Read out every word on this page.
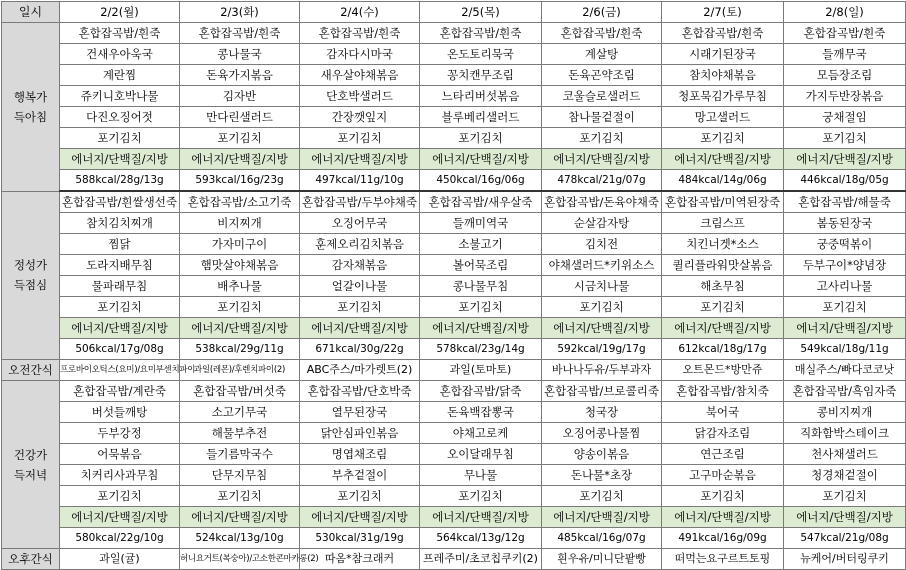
일시	2/2(월)	2/3(화)	2/4(수)	2/5(목)	2/6(금)	2/7(토)	2/8(일)
행복가득아침	혼합잡곡밥/흰죽	혼합잡곡밥/흰죽	혼합잡곡밥/흰죽	혼합잡곡밥/흰죽	혼합잡곡밥/흰죽	혼합잡곡밥/흰죽	혼합잡곡밥/흰죽
	건새우아욱국	콩나물국	감자다시마국	온도토리묵국	계살탕	시래기된장국	들깨무국
	계란찜	돈육가지볶음	새우살야채볶음	꽁치캔무조림	돈육곤약조림	참치야채볶음	모듬장조림
	쥬키니호박나물	김자반	단호박샐러드	느타리버섯볶음	코울슬로샐러드	청포묵김가루무침	가지두반장볶음
	다진오징어젓	만다린샐러드	간장깻잎지	블루베리샐러드	참나물겉절이	망고샐러드	궁채절임
	포기김치	포기김치	포기김치	포기김치	포기김치	포기김치	포기김치
	에너지/단백질/지방	에너지/단백질/지방	에너지/단백질/지방	에너지/단백질/지방	에너지/단백질/지방	에너지/단백질/지방	에너지/단백질/지방
	588kcal/28g/13g	593kcal/16g/23g	497kcal/11g/10g	450kcal/16g/06g	478kcal/21g/07g	484kcal/14g/06g	446kcal/18g/05g
정성가득점심	혼합잡곡밥/흰쌀생선죽	혼합잡곡밥/소고기죽	혼합잡곡밥/두부야채죽	혼합잡곡밥/새우살죽	혼합잡곡밥/돈육야채죽	혼합잡곡밥/미역된장죽	혼합잡곡밥/해물죽
	참치김치찌개	비지찌개	오징어무국	들깨미역국	순살감자탕	크림스프	봄동된장국
	찜닭	가자미구이	훈제오리김치볶음	소불고기	김치전	치킨너겟*소스	궁중떡볶이
	도라지배무침	햄맛살야채볶음	감자채볶음	볼어묵조림	야채샐러드*키위소스	퀼리플라워맛살볶음	두부구이*양념장
	물파래무침	배추나물	얼갈이나물	콩나물무침	시금치나물	해초무침	고사리나물
	포기김치	포기김치	포기김치	포기김치	포기김치	포기김치	포기김치
	에너지/단백질/지방	에너지/단백질/지방	에너지/단백질/지방	에너지/단백질/지방	에너지/단백질/지방	에너지/단백질/지방	에너지/단백질/지방
	506kcal/17g/08g	538kcal/29g/11g	671kcal/30g/22g	578kcal/23g/14g	592kcal/19g/17g	612kcal/18g/17g	549kcal/18g/11g
오전간식	프로바이오틱스(요미)/요미부센치파이	과일(레몬)/후렌치파이(2)	ABC주스/마가렛트(2)	과일(토마토)	바나나두유/두부과자	오트몬드*방만쥬	매실주스/빠다코코낫
건강가득저녁	혼합잡곡밥/계란죽	혼합잡곡밥/버섯죽	혼합잡곡밥/단호박죽	혼합잡곡밥/닭죽	혼합잡곡밥/브로콜리죽	혼합잡곡밥/참치죽	혼합잡곡밥/흑임자죽
	버섯들깨탕	소고기무국	열무된장국	돈육백잡뽕국	청국장	북어국	콩비지찌개
	두부강정	해물부추전	닭안심파인볶음	야채고로케	오징어콩나물찜	닭감자조림	직화함박스테이크
	어묵볶음	들기름막국수	명엽채조림	오이달래무침	양송이볶음	연근조림	천사채샐러드
	치커리사과무침	단무지무침	부추겉절이	무나물	돈나물*초장	고구마순볶음	청경채겉절이
	포기김치	포기김치	포기김치	포기김치	포기김치	포기김치	포기김치
	에너지/단백질/지방	에너지/단백질/지방	에너지/단백질/지방	에너지/단백질/지방	에너지/단백질/지방	에너지/단백질/지방	에너지/단백질/지방
	580kcal/22g/10g	524kcal/13g/10g	530kcal/31g/19g	564kcal/13g/12g	485kcal/16g/07g	491kcal/16g/09g	547kcal/21g/08g
오후간식	과일(귤)	허니요거트(복숭아)/고소한콘마카롱(2)	따옴*참크래커	프레주미/초코칩쿠키(2)	흰우유/미니단팥빵	떠먹는요구르트토핑	뉴케어/버터링쿠키
